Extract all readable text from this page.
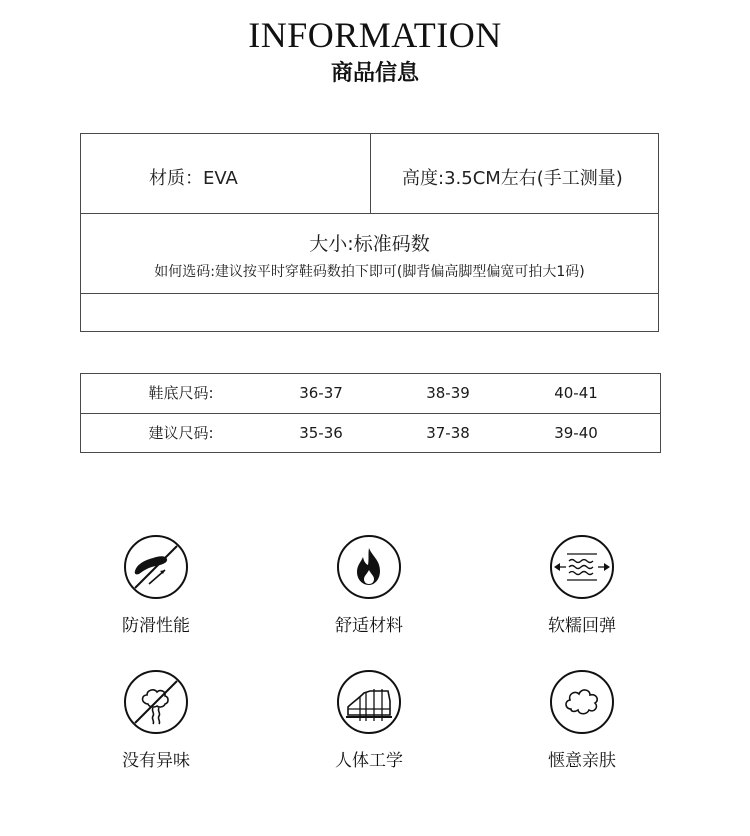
INFORMATION
商品信息
材质：EVA	高度:3.5CM左右(手工测量)
大小:标准码数
如何选码:建议按平时穿鞋码数拍下即可(脚背偏高脚型偏宽可拍大1码)
鞋底尺码:	36-37	38-39	40-41
建议尺码:	35-36	37-38	39-40
防滑性能	舒适材料	软糯回弹
没有异味	人体工学	惬意亲肤
